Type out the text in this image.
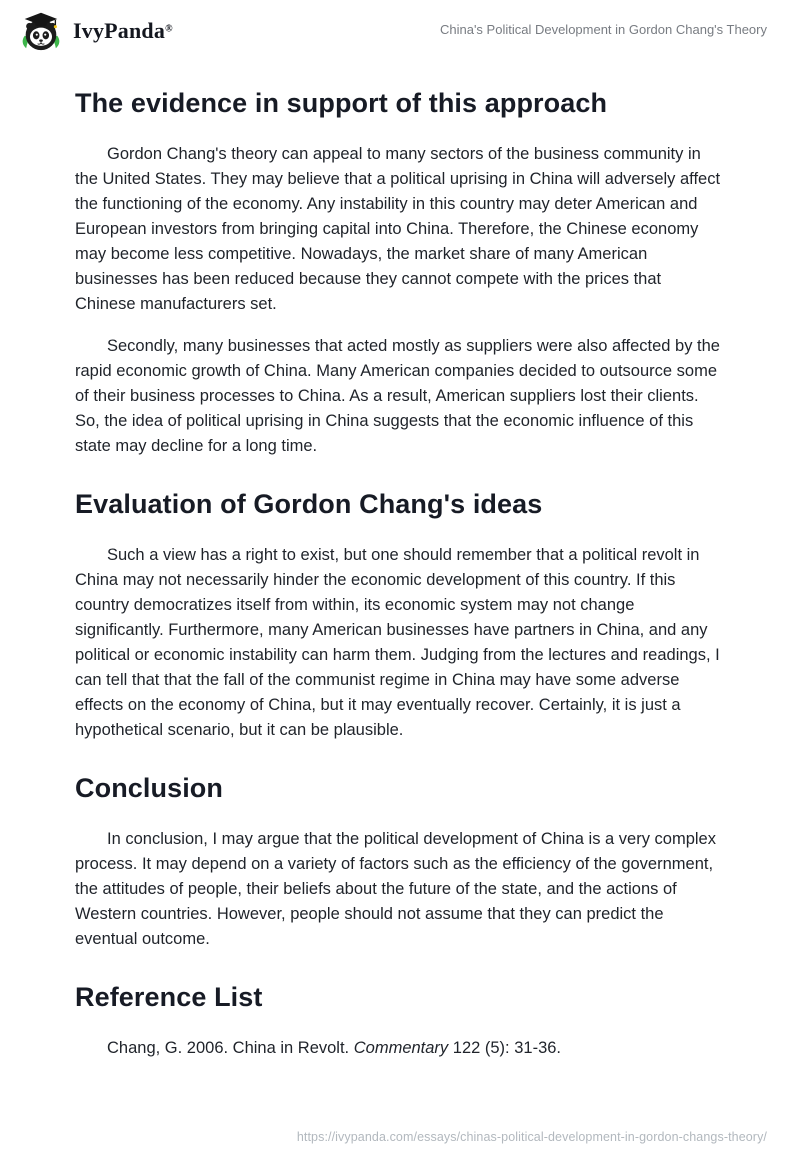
IvyPanda®	China's Political Development in Gordon Chang's Theory
The evidence in support of this approach

Gordon Chang's theory can appeal to many sectors of the business community in the United States. They may believe that a political uprising in China will adversely affect the functioning of the economy. Any instability in this country may deter American and European investors from bringing capital into China. Therefore, the Chinese economy may become less competitive. Nowadays, the market share of many American businesses has been reduced because they cannot compete with the prices that Chinese manufacturers set.

Secondly, many businesses that acted mostly as suppliers were also affected by the rapid economic growth of China. Many American companies decided to outsource some of their business processes to China. As a result, American suppliers lost their clients. So, the idea of political uprising in China suggests that the economic influence of this state may decline for a long time.

Evaluation of Gordon Chang's ideas

Such a view has a right to exist, but one should remember that a political revolt in China may not necessarily hinder the economic development of this country. If this country democratizes itself from within, its economic system may not change significantly. Furthermore, many American businesses have partners in China, and any political or economic instability can harm them. Judging from the lectures and readings, I can tell that that the fall of the communist regime in China may have some adverse effects on the economy of China, but it may eventually recover. Certainly, it is just a hypothetical scenario, but it can be plausible.

Conclusion

In conclusion, I may argue that the political development of China is a very complex process. It may depend on a variety of factors such as the efficiency of the government, the attitudes of people, their beliefs about the future of the state, and the actions of Western countries. However, people should not assume that they can predict the eventual outcome.

Reference List

Chang, G. 2006. China in Revolt. Commentary 122 (5): 31-36.

https://ivypanda.com/essays/chinas-political-development-in-gordon-changs-theory/
